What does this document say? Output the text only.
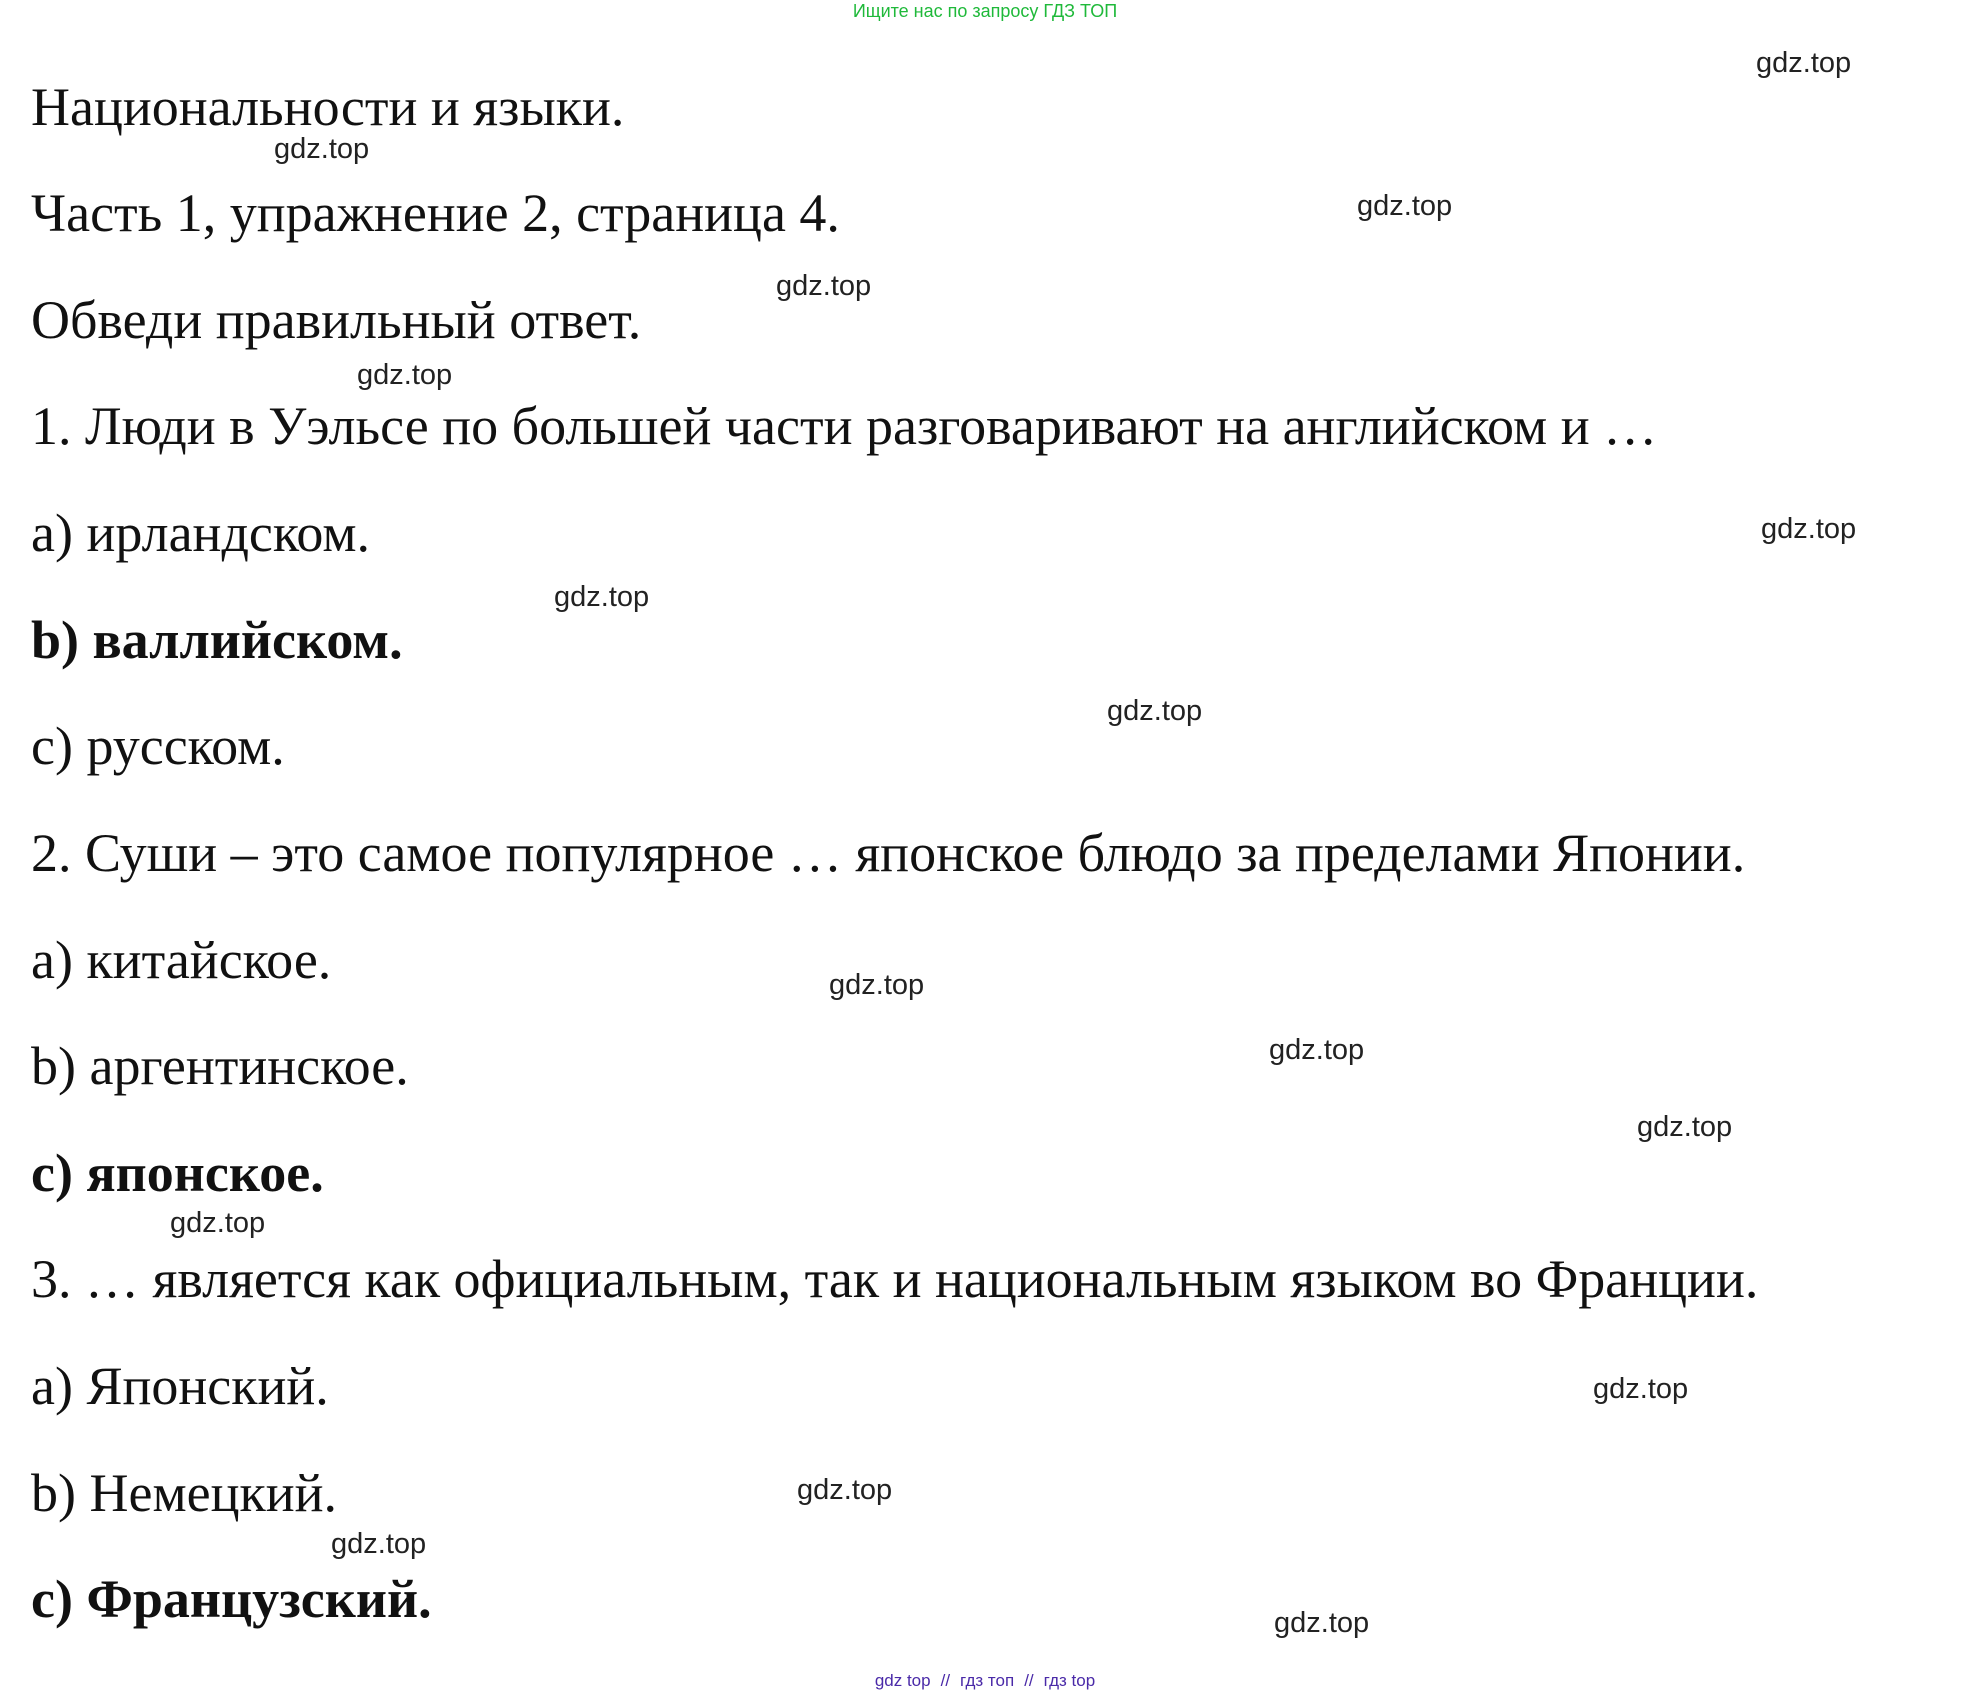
Ищите нас по запросу ГДЗ ТОП
Национальности и языки.
Часть 1, упражнение 2, страница 4.
Обведи правильный ответ.
1. Люди в Уэльсе по большей части разговаривают на английском и …
a) ирландском.
b) валлийском.
c) русском.
2. Суши – это самое популярное … японское блюдо за пределами Японии.
a) китайское.
b) аргентинское.
c) японское.
3. … является как официальным, так и национальным языком во Франции.
a) Японский.
b) Немецкий.
c) Французский.
gdz.top
gdz.top
gdz.top
gdz.top
gdz.top
gdz.top
gdz.top
gdz.top
gdz.top
gdz.top
gdz.top
gdz.top
gdz.top
gdz.top
gdz.top
gdz.top
gdz top // гдз топ // гдз top
